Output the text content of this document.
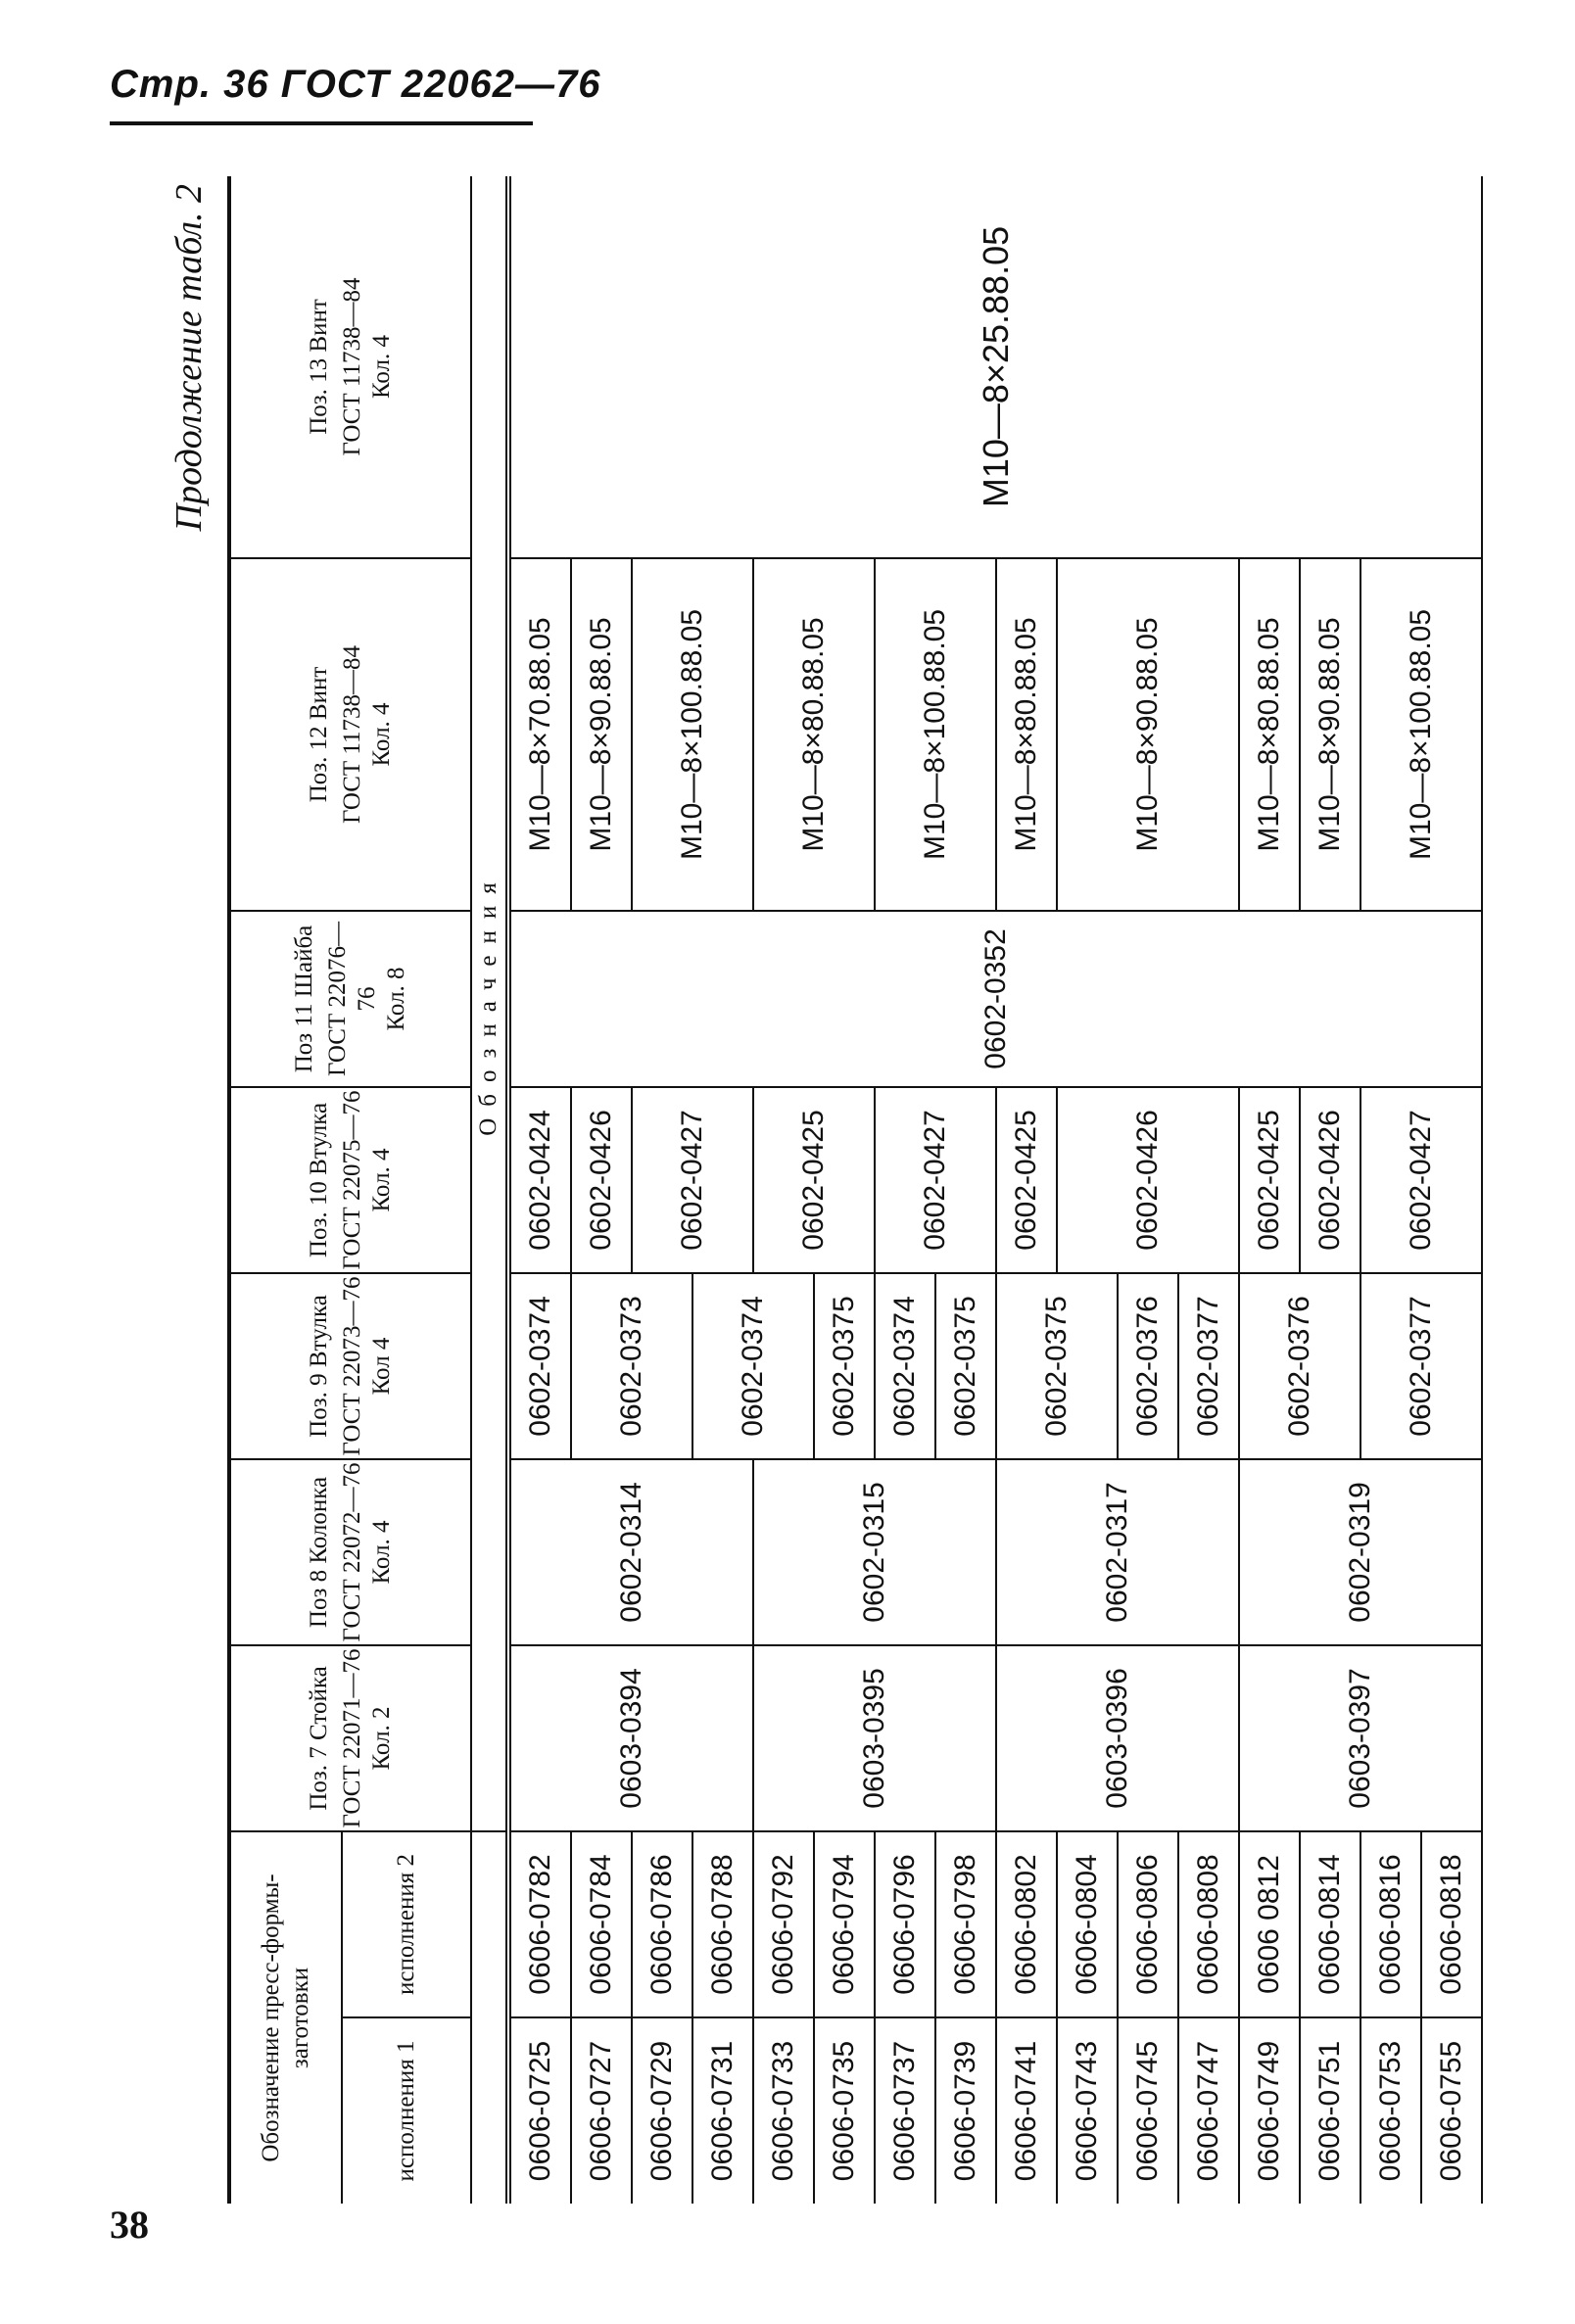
Стр. 36 ГОСТ 22062—76
Продолжение табл. 2
Обозначение пресс-формы-заготовки		Поз. 7 Стойка ГОСТ 22071—76 Кол. 2	Поз 8 Колонка ГОСТ 22072—76 Кол. 4	Поз. 9 Втулка ГОСТ 22073—76 Кол 4	Поз. 10 Втулка ГОСТ 22075—76 Кол. 4	Поз 11 Шайба ГОСТ 22076—76 Кол. 8	Поз. 12 Винт ГОСТ 11738—84 Кол. 4	Поз. 13 Винт ГОСТ 11738—84 Кол. 4

исполнения 1	исполнения 2							
		Обозначения						
0606-0725	0606-0782	0603-0394	0602-0314	0602-0374	0602-0424	0602-0352	M10—8×70.88.05	M10—8×25.88.05
0606-0727	0606-0784			0602-0373	0602-0426		M10—8×90.88.05	
0606-0729	0606-0786				0602-0427		M10—8×100.88.05	
0606-0731	0606-0788			0602-0374				
0606-0733	0606-0792	0603-0395	0602-0315		0602-0425		M10—8×80.88.05	
0606-0735	0606-0794			0602-0375				
0606-0737	0606-0796			0602-0374	0602-0427		M10—8×100.88.05	
0606-0739	0606-0798			0602-0375				
0606-0741	0606-0802	0603-0396	0602-0317	0602-0375	0602-0425		M10—8×80.88.05	
0606-0743	0606-0804				0602-0426		M10—8×90.88.05	
0606-0745	0606-0806			0602-0376				
0606-0747	0606-0808			0602-0377				
0606-0749	0606 0812	0603-0397	0602-0319	0602-0376	0602-0425		M10—8×80.88.05	
0606-0751	0606-0814				0602-0426		M10—8×90.88.05	
0606-0753	0606-0816			0602-0377	0602-0427		M10—8×100.88.05	
0606-0755	0606-0818							
38
